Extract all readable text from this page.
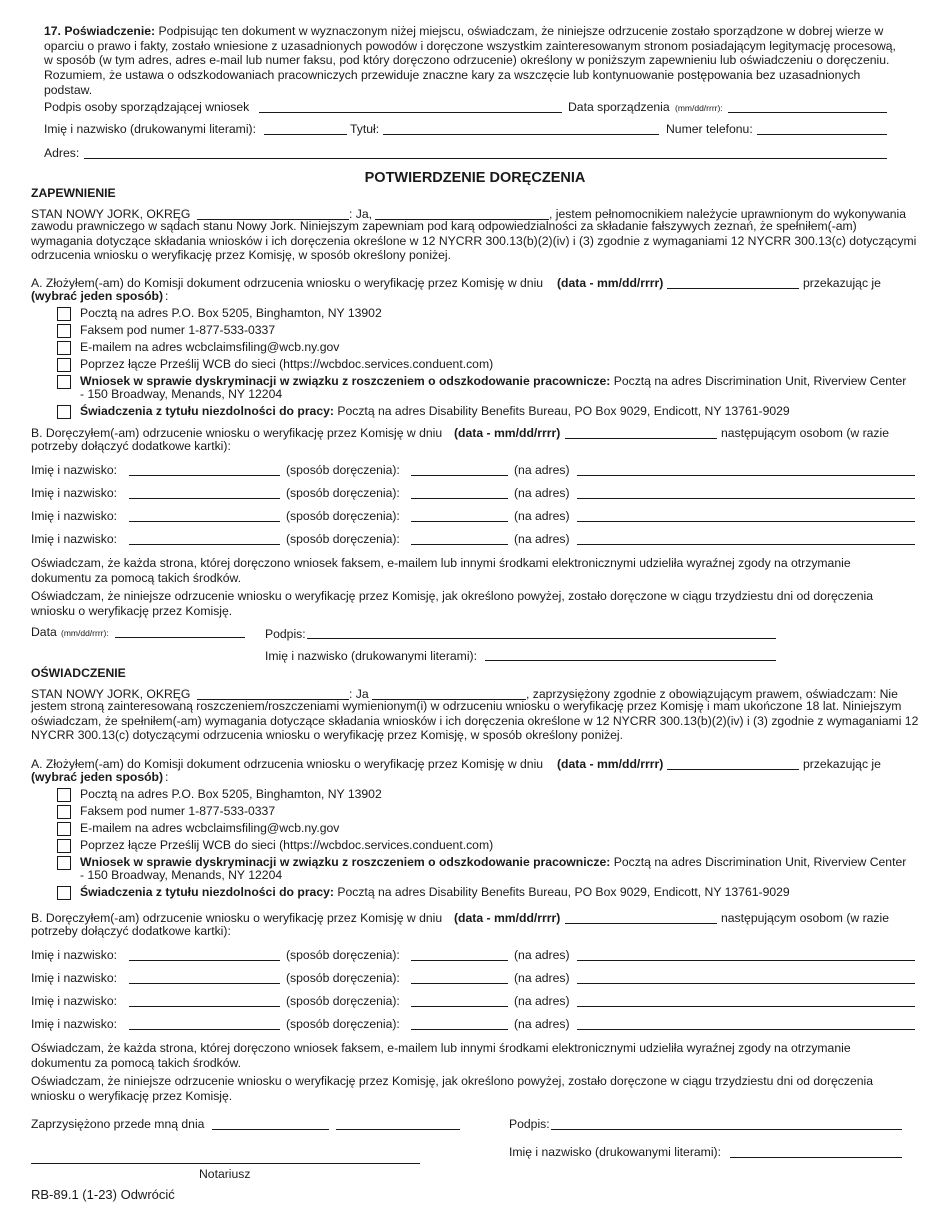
17. Poświadczenie: Podpisując ten dokument w wyznaczonym niżej miejscu, oświadczam, że niniejsze odrzucenie zostało sporządzone w dobrej wierze w oparciu o prawo i fakty, zostało wniesione z uzasadnionych powodów i doręczone wszystkim zainteresowanym stronom posiadającym legitymację procesową, w sposób (w tym adres, adres e-mail lub numer faksu, pod który doręczono odrzucenie) określony w poniższym zapewnieniu lub oświadczeniu o doręczeniu. Rozumiem, że ustawa o odszkodowaniach pracowniczych przewiduje znaczne kary za wszczęcie lub kontynuowanie postępowania bez uzasadnionych podstaw.
Podpis osoby sporządzającej wniosek	Data sporządzenia (mm/dd/rrrr):
Imię i nazwisko (drukowanymi literami):	Tytuł:	Numer telefonu:
Adres:
POTWIERDZENIE DORĘCZENIA
ZAPEWNIENIE
STAN NOWY JORK, OKRĘG	: Ja,	, jestem pełnomocnikiem należycie uprawnionym do wykonywania
zawodu prawniczego w sądach stanu Nowy Jork. Niniejszym zapewniam pod karą odpowiedzialności za składanie fałszywych zeznań, że spełniłem(-am) wymagania dotyczące składania wniosków i ich doręczenia określone w 12 NYCRR 300.13(b)(2)(iv) i (3) zgodnie z wymaganiami 12 NYCRR 300.13(c) dotyczącymi odrzucenia wniosku o weryfikację przez Komisję, w sposób określony poniżej.
A. Złożyłem(-am) do Komisji dokument odrzucenia wniosku o weryfikację przez Komisję w dniu (data - mm/dd/rrrr)	przekazując je
(wybrać jeden sposób) :
Pocztą na adres P.O. Box 5205, Binghamton, NY 13902
Faksem pod numer 1-877-533-0337
E-mailem na adres wcbclaimsfiling@wcb.ny.gov
Poprzez łącze Prześlij WCB do sieci (https://wcbdoc.services.conduent.com)
Wniosek w sprawie dyskryminacji w związku z roszczeniem o odszkodowanie pracownicze: Pocztą na adres Discrimination Unit, Riverview Center
- 150 Broadway, Menands, NY 12204
Świadczenia z tytułu niezdolności do pracy: Pocztą na adres Disability Benefits Bureau, PO Box 9029, Endicott, NY 13761-9029
B. Doręczyłem(-am) odrzucenie wniosku o weryfikację przez Komisję w dniu (data - mm/dd/rrrr)	następującym osobom (w razie
potrzeby dołączyć dodatkowe kartki):
Imię i nazwisko:	(sposób doręczenia):	(na adres)
Imię i nazwisko:	(sposób doręczenia):	(na adres)
Imię i nazwisko:	(sposób doręczenia):	(na adres)
Imię i nazwisko:	(sposób doręczenia):	(na adres)
Oświadczam, że każda strona, której doręczono wniosek faksem, e-mailem lub innymi środkami elektronicznymi udzieliła wyraźnej zgody na otrzymanie dokumentu za pomocą takich środków.
Oświadczam, że niniejsze odrzucenie wniosku o weryfikację przez Komisję, jak określono powyżej, zostało doręczone w ciągu trzydziestu dni od doręczenia wniosku o weryfikację przez Komisję.
Data (mm/dd/rrrr):	Podpis:
Imię i nazwisko (drukowanymi literami):
OŚWIADCZENIE
STAN NOWY JORK, OKRĘG	: Ja	, zaprzysiężony zgodnie z obowiązującym prawem, oświadczam: Nie
jestem stroną zainteresowaną roszczeniem/roszczeniami wymienionym(i) w odrzuceniu wniosku o weryfikację przez Komisję i mam ukończone 18 lat. Niniejszym oświadczam, że spełniłem(-am) wymagania dotyczące składania wniosków i ich doręczenia określone w 12 NYCRR 300.13(b)(2)(iv) i (3) zgodnie z wymaganiami 12 NYCRR 300.13(c) dotyczącymi odrzucenia wniosku o weryfikację przez Komisję, w sposób określony poniżej.
A. Złożyłem(-am) do Komisji dokument odrzucenia wniosku o weryfikację przez Komisję w dniu (data - mm/dd/rrrr)	przekazując je
(wybrać jeden sposób) :
Pocztą na adres P.O. Box 5205, Binghamton, NY 13902
Faksem pod numer 1-877-533-0337
E-mailem na adres wcbclaimsfiling@wcb.ny.gov
Poprzez łącze Prześlij WCB do sieci (https://wcbdoc.services.conduent.com)
Wniosek w sprawie dyskryminacji w związku z roszczeniem o odszkodowanie pracownicze: Pocztą na adres Discrimination Unit, Riverview Center
- 150 Broadway, Menands, NY 12204
Świadczenia z tytułu niezdolności do pracy: Pocztą na adres Disability Benefits Bureau, PO Box 9029, Endicott, NY 13761-9029
B. Doręczyłem(-am) odrzucenie wniosku o weryfikację przez Komisję w dniu (data - mm/dd/rrrr)	następującym osobom (w razie
potrzeby dołączyć dodatkowe kartki):
Imię i nazwisko:	(sposób doręczenia):	(na adres)
Imię i nazwisko:	(sposób doręczenia):	(na adres)
Imię i nazwisko:	(sposób doręczenia):	(na adres)
Imię i nazwisko:	(sposób doręczenia):	(na adres)
Oświadczam, że każda strona, której doręczono wniosek faksem, e-mailem lub innymi środkami elektronicznymi udzieliła wyraźnej zgody na otrzymanie dokumentu za pomocą takich środków.
Oświadczam, że niniejsze odrzucenie wniosku o weryfikację przez Komisję, jak określono powyżej, zostało doręczone w ciągu trzydziestu dni od doręczenia wniosku o weryfikację przez Komisję.
Zaprzysiężono przede mną dnia	Podpis:
Imię i nazwisko (drukowanymi literami):
Notariusz
RB-89.1 (1-23) Odwrócić
